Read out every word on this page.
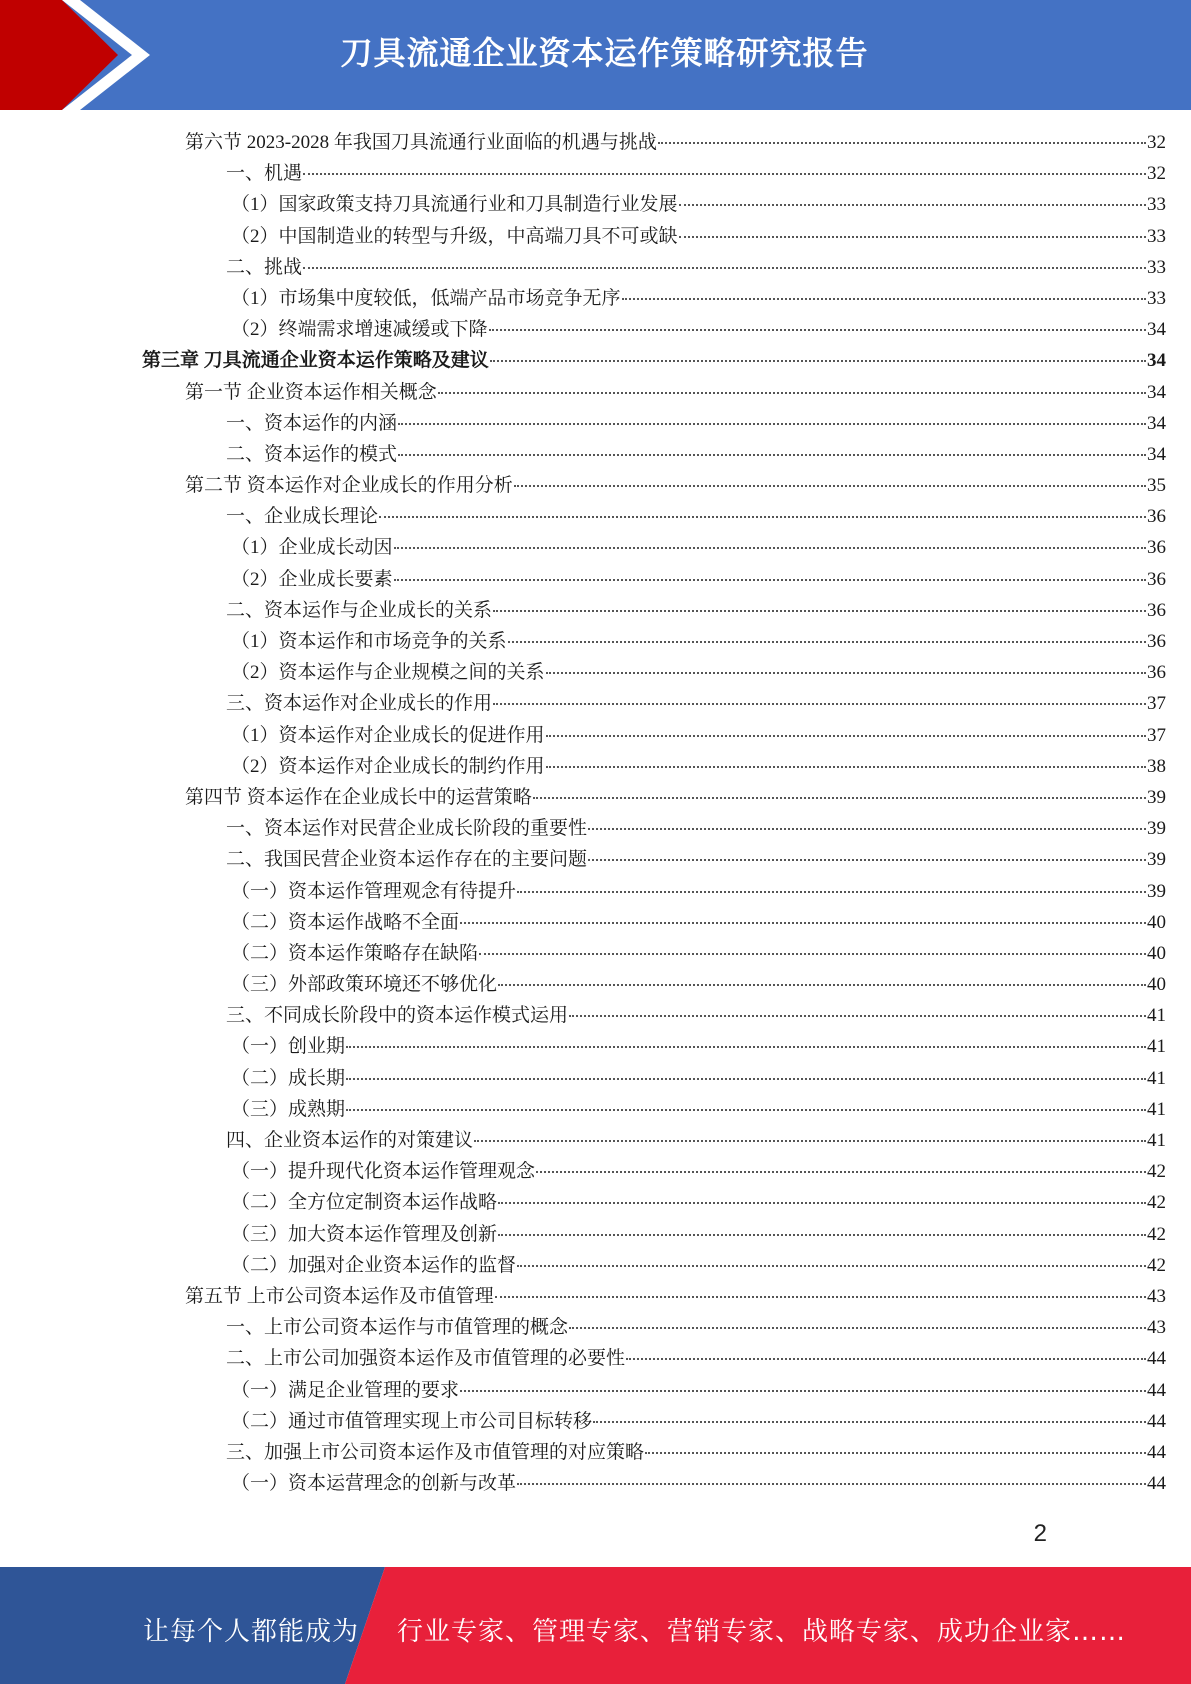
刀具流通企业资本运作策略研究报告
第六节 2023-2028 年我国刀具流通行业面临的机遇与挑战	32
一、机遇	32
（1）国家政策支持刀具流通行业和刀具制造行业发展	33
（2）中国制造业的转型与升级，中高端刀具不可或缺	33
二、挑战	33
（1）市场集中度较低，低端产品市场竞争无序	33
（2）终端需求增速减缓或下降	34
第三章 刀具流通企业资本运作策略及建议	34
第一节 企业资本运作相关概念	34
一、资本运作的内涵	34
二、资本运作的模式	34
第二节 资本运作对企业成长的作用分析	35
一、企业成长理论	36
（1）企业成长动因	36
（2）企业成长要素	36
二、资本运作与企业成长的关系	36
（1）资本运作和市场竞争的关系	36
（2）资本运作与企业规模之间的关系	36
三、资本运作对企业成长的作用	37
（1）资本运作对企业成长的促进作用	37
（2）资本运作对企业成长的制约作用	38
第四节 资本运作在企业成长中的运营策略	39
一、资本运作对民营企业成长阶段的重要性	39
二、我国民营企业资本运作存在的主要问题	39
（一）资本运作管理观念有待提升	39
（二）资本运作战略不全面	40
（二）资本运作策略存在缺陷	40
（三）外部政策环境还不够优化	40
三、不同成长阶段中的资本运作模式运用	41
（一）创业期	41
（二）成长期	41
（三）成熟期	41
四、企业资本运作的对策建议	41
（一）提升现代化资本运作管理观念	42
（二）全方位定制资本运作战略	42
（三）加大资本运作管理及创新	42
（二）加强对企业资本运作的监督	42
第五节 上市公司资本运作及市值管理	43
一、上市公司资本运作与市值管理的概念	43
二、上市公司加强资本运作及市值管理的必要性	44
（一）满足企业管理的要求	44
（二）通过市值管理实现上市公司目标转移	44
三、加强上市公司资本运作及市值管理的对应策略	44
（一）资本运营理念的创新与改革	44
2
让每个人都能成为 行业专家、管理专家、营销专家、战略专家、成功企业家……
